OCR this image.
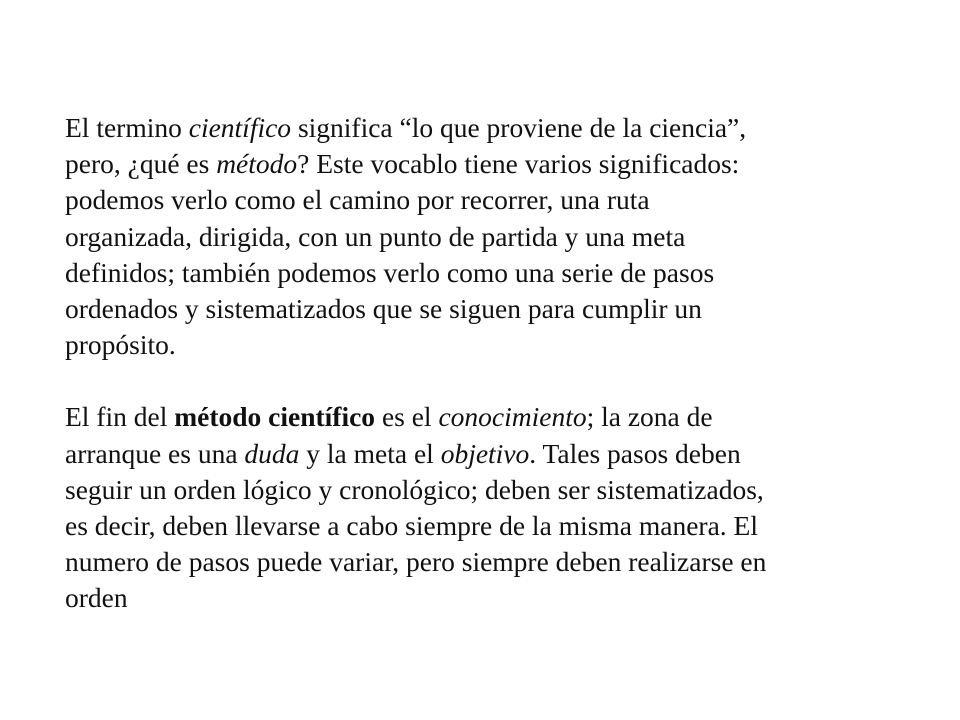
El termino científico significa “lo que proviene de la ciencia”,
pero, ¿qué es método? Este vocablo tiene varios significados:
podemos verlo como el camino por recorrer, una ruta
organizada, dirigida, con un punto de partida y una meta
definidos; también podemos verlo como una serie de pasos
ordenados y sistematizados que se siguen para cumplir un
propósito.

El fin del método científico es el conocimiento; la zona de
arranque es una duda y la meta el objetivo. Tales pasos deben
seguir un orden lógico y cronológico; deben ser sistematizados,
es decir, deben llevarse a cabo siempre de la misma manera. El
numero de pasos puede variar, pero siempre deben realizarse en
orden
